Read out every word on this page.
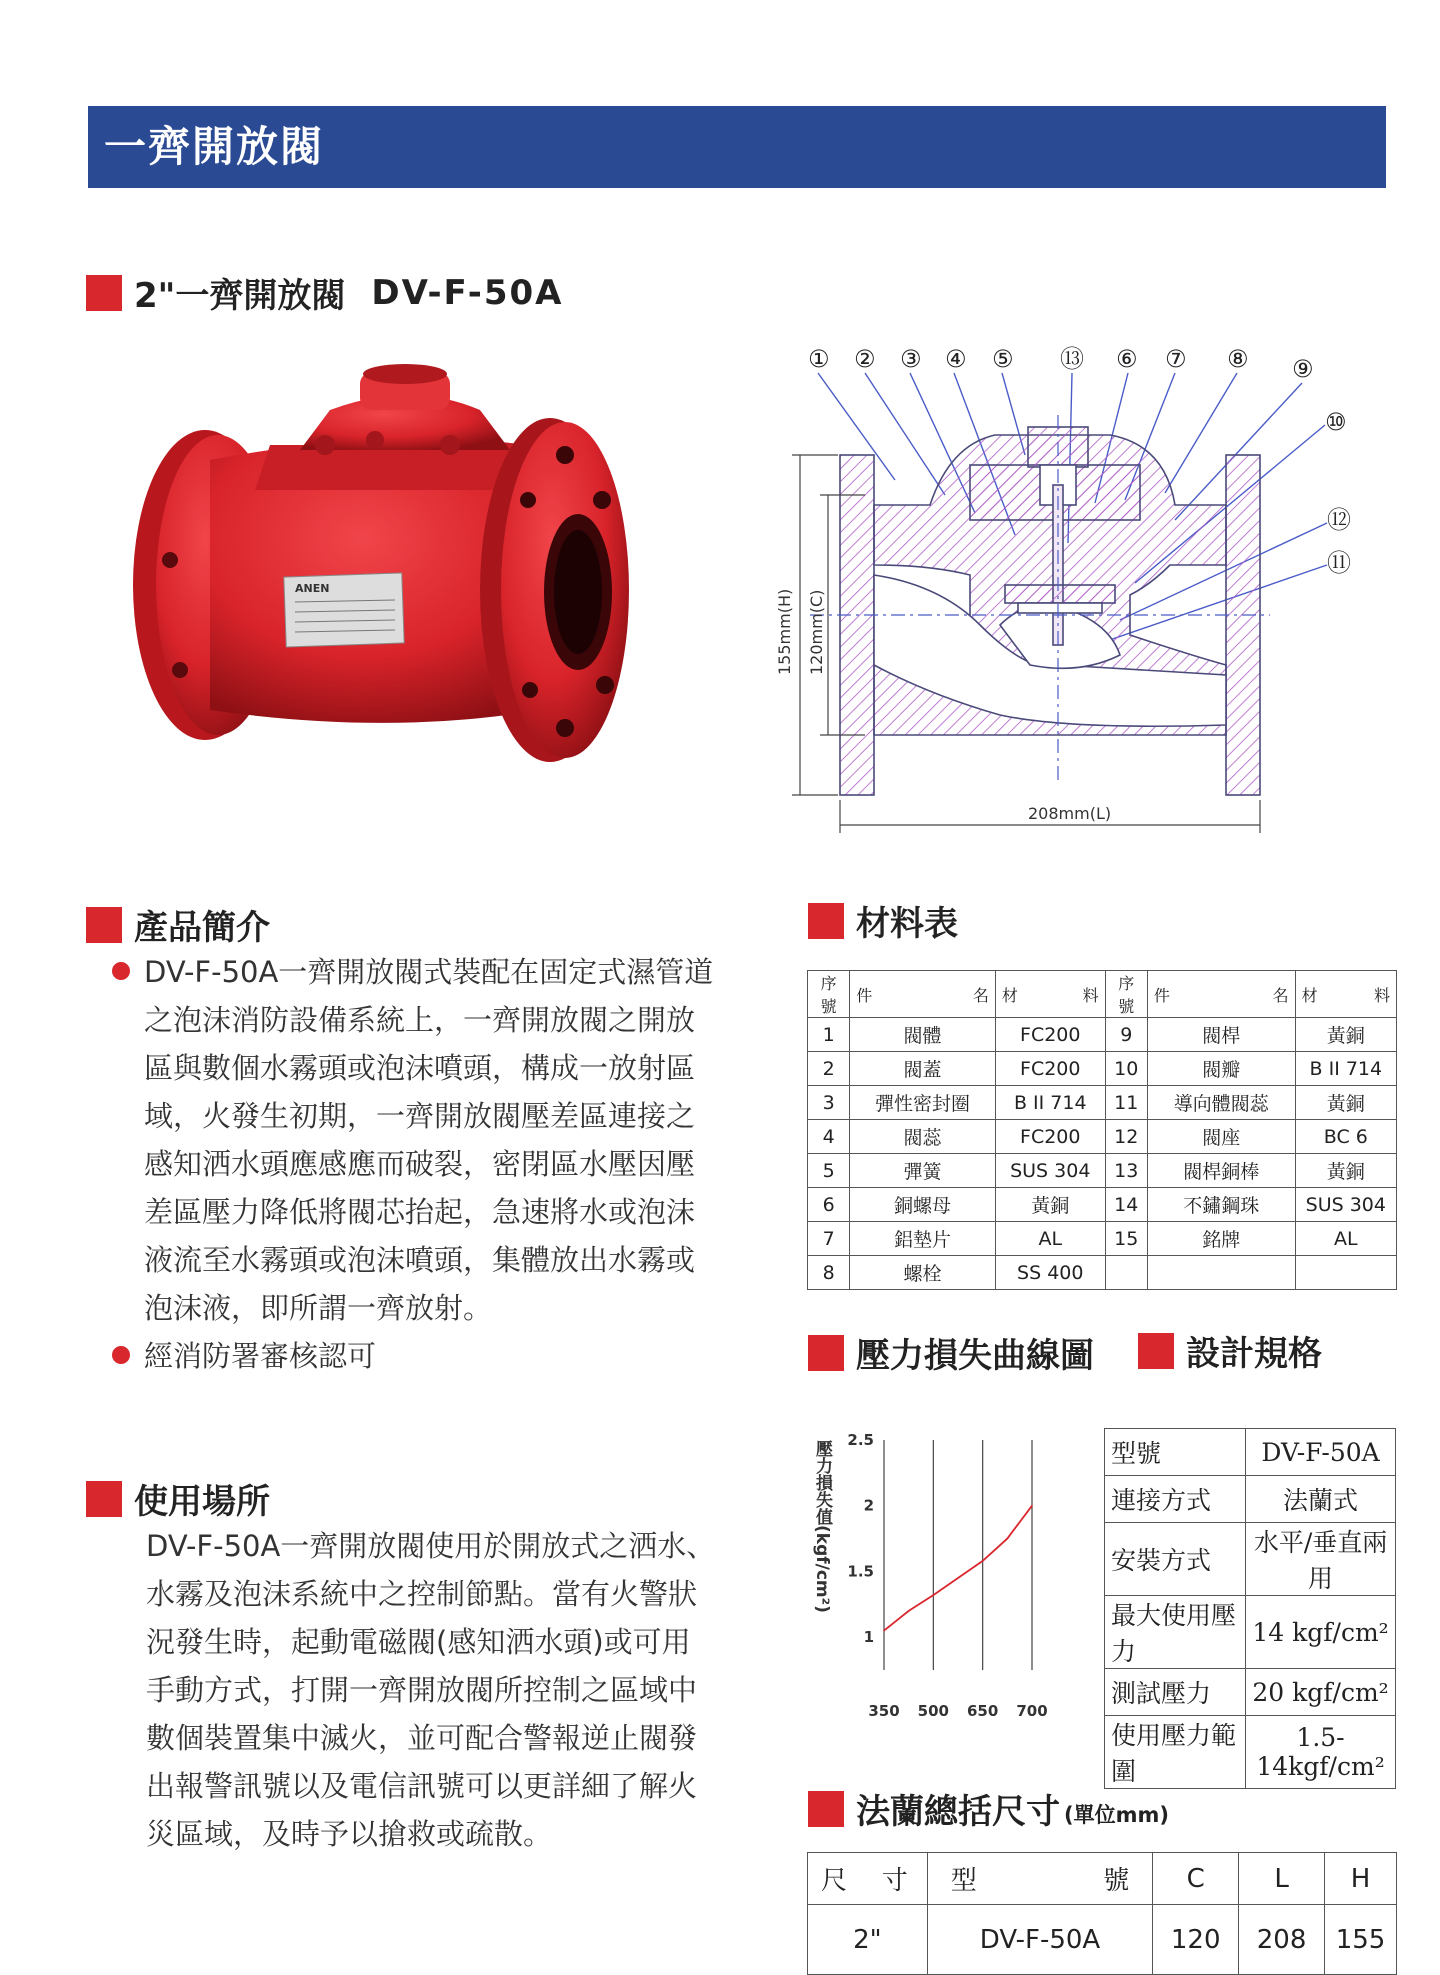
一齊開放閥
2"一齊開放閥 DV-F-50A
ANEN
① ② ③ ④ ⑤ ⑬ ⑥ ⑦ ⑧ ⑨
⑩
⑫
⑪
155mm(H) 120mm(C)
208mm(L)
產品簡介
DV-F-50A一齊開放閥式裝配在固定式濕管道
之泡沫消防設備系統上，一齊開放閥之開放
區與數個水霧頭或泡沫噴頭，構成一放射區
域，火發生初期，一齊開放閥壓差區連接之
感知洒水頭應感應而破裂，密閉區水壓因壓
差區壓力降低將閥芯抬起，急速將水或泡沫
液流至水霧頭或泡沫噴頭，集體放出水霧或
泡沫液，即所謂一齊放射。
經消防署審核認可
使用場所
DV-F-50A一齊開放閥使用於開放式之洒水、
水霧及泡沫系統中之控制節點。當有火警狀
況發生時，起動電磁閥(感知洒水頭)或可用
手動方式，打開一齊開放閥所控制之區域中
數個裝置集中滅火，並可配合警報逆止閥發
出報警訊號以及電信訊號可以更詳細了解火
災區域，及時予以搶救或疏散。
材料表
序號	件 名	材 料	序號	件 名	材 料

1	閥體	FC200	9	閥桿	黃銅
2	閥蓋	FC200	10	閥瓣	B II 714
3	彈性密封圈	B II 714	11	導向體閥蕊	黃銅
4	閥蕊	FC200	12	閥座	BC 6
5	彈簧	SUS 304	13	閥桿銅棒	黃銅
6	銅螺母	黃銅	14	不鏽鋼珠	SUS 304
7	鋁墊片	AL	15	銘牌	AL
8	螺栓	SS 400			
壓力損失曲線圖	設計規格
壓力損失值(kgf/cm²)
350 500 650 700
2.5
2
1.5
1
型號	DV-F-50A
連接方式	法蘭式
安裝方式	水平/垂直兩用
最大使用壓力	14 kgf/cm²
測試壓力	20 kgf/cm²
使用壓力範圍	1.5-14kgf/cm²
法蘭總括尺寸 (單位mm)
尺 寸	型 號	C	L	H
2"	DV-F-50A	120	208	155
